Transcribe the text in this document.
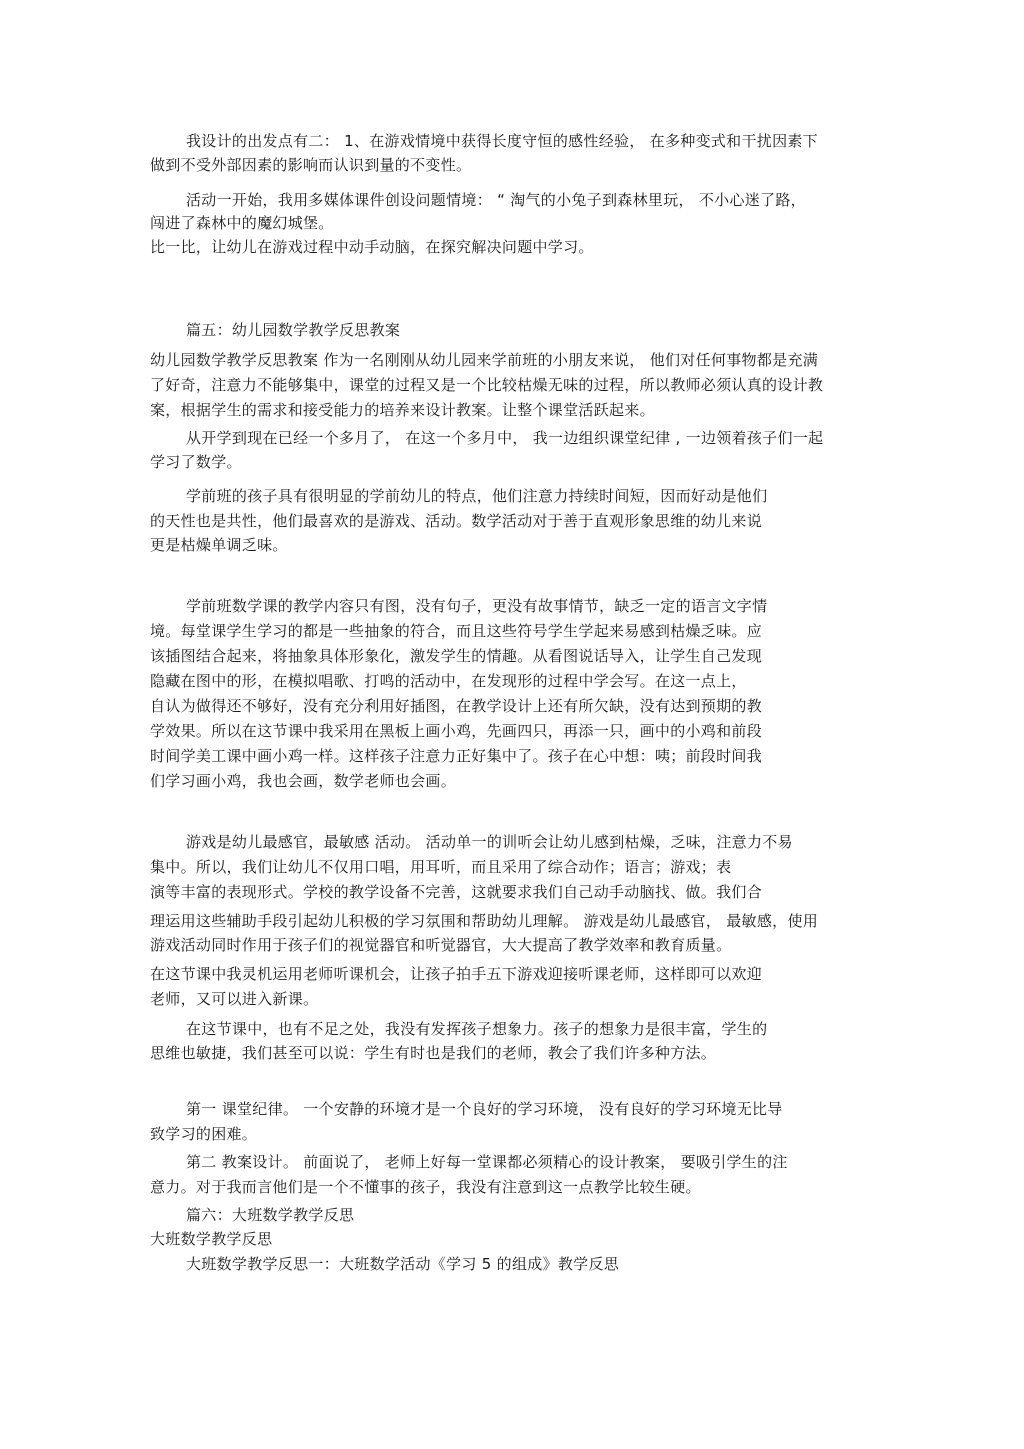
我设计的出发点有二： 1、在游戏情境中获得长度守恒的感性经验， 在多种变式和干扰因素下
做到不受外部因素的影响而认识到量的不变性。
活动一开始，我用多媒体课件创设问题情境： “ 淘气的小兔子到森林里玩， 不小心迷了路，
闯进了森林中的魔幻城堡。
比一比，让幼儿在游戏过程中动手动脑，在探究解决问题中学习。
篇五：幼儿园数学教学反思教案
幼儿园数学教学反思教案 作为一名刚刚从幼儿园来学前班的小朋友来说， 他们对任何事物都是充满
了好奇，注意力不能够集中，课堂的过程又是一个比较枯燥无味的过程，所以教师必须认真的设计教
案，根据学生的需求和接受能力的培养来设计教案。让整个课堂活跃起来。
从开学到现在已经一个多月了， 在这一个多月中， 我一边组织课堂纪律 , 一边领着孩子们一起
学习了数学。
学前班的孩子具有很明显的学前幼儿的特点，他们注意力持续时间短，因而好动是他们
的天性也是共性，他们最喜欢的是游戏、活动。数学活动对于善于直观形象思维的幼儿来说
更是枯燥单调乏味。
学前班数学课的教学内容只有图，没有句子，更没有故事情节，缺乏一定的语言文字情
境。每堂课学生学习的都是一些抽象的符合，而且这些符号学生学起来易感到枯燥乏味。应
该插图结合起来，将抽象具体形象化，激发学生的情趣。从看图说话导入，让学生自己发现
隐藏在图中的形，在模拟唱歌、打鸣的活动中，在发现形的过程中学会写。在这一点上，
自认为做得还不够好，没有充分利用好插图，在教学设计上还有所欠缺，没有达到预期的教
学效果。所以在这节课中我采用在黑板上画小鸡，先画四只，再添一只，画中的小鸡和前段
时间学美工课中画小鸡一样。这样孩子注意力正好集中了。孩子在心中想：咦；前段时间我
们学习画小鸡，我也会画，数学老师也会画。
游戏是幼儿最感官，最敏感 活动。 活动单一的训听会让幼儿感到枯燥，乏味，注意力不易
集中。所以，我们让幼儿不仅用口唱，用耳听，而且采用了综合动作；语言；游戏；表
演等丰富的表现形式。学校的教学设备不完善，这就要求我们自己动手动脑找、做。我们合
理运用这些辅助手段引起幼儿积极的学习氛围和帮助幼儿理解。 游戏是幼儿最感官， 最敏感，使用
游戏活动同时作用于孩子们的视觉器官和听觉器官，大大提高了教学效率和教育质量。
在这节课中我灵机运用老师听课机会，让孩子拍手五下游戏迎接听课老师，这样即可以欢迎
老师，又可以进入新课。
在这节课中，也有不足之处，我没有发挥孩子想象力。孩子的想象力是很丰富，学生的
思维也敏捷，我们甚至可以说：学生有时也是我们的老师，教会了我们许多种方法。
第一 课堂纪律。 一个安静的环境才是一个良好的学习环境， 没有良好的学习环境无比导
致学习的困难。
第二 教案设计。 前面说了， 老师上好每一堂课都必须精心的设计教案， 要吸引学生的注
意力。对于我而言他们是一个不懂事的孩子，我没有注意到这一点教学比较生硬。
篇六：大班数学教学反思
大班数学教学反思
大班数学教学反思一：大班数学活动《学习 5 的组成》教学反思
